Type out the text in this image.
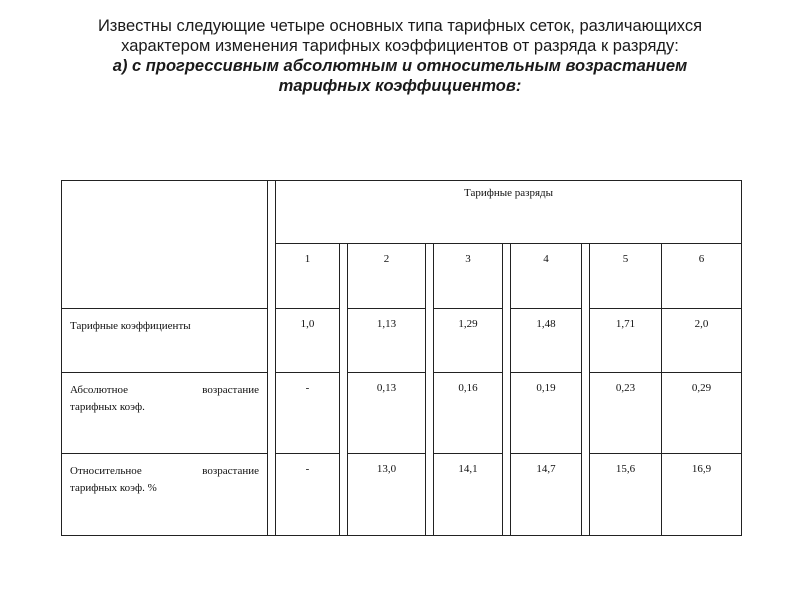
Известны следующие четыре основных типа тарифных сеток, различающихся
характером изменения тарифных коэффициентов от разряда к разряду:
а) с прогрессивным абсолютным и относительным возрастанием
тарифных коэффициентов:

		Тарифные разряды									

		1		2		3		4		5	6

Тарифные коэффициенты		1,0		1,13		1,29		1,48		1,71	2,0

Абсолютное возрастание
тарифных коэф.		-		0,13		0,16		0,19		0,23	0,29

Относительное возрастание
тарифных коэф. %		-		13,0		14,1		14,7		15,6	16,9
